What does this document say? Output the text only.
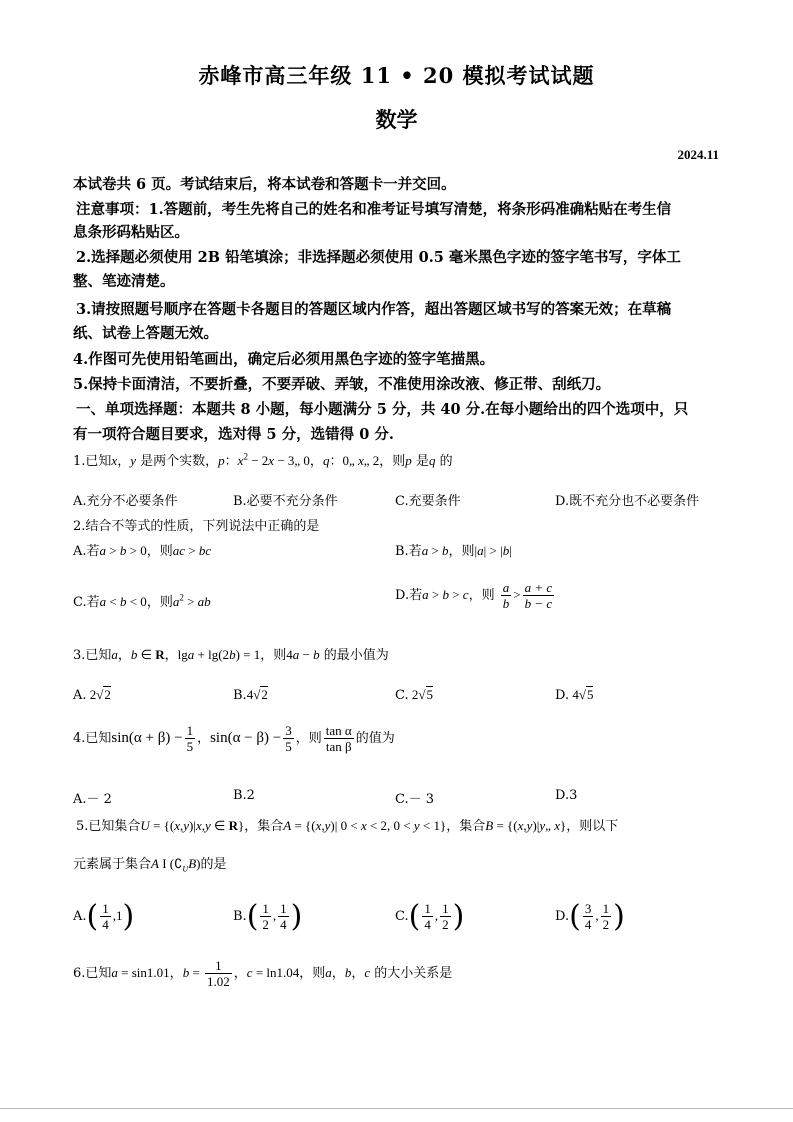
赤峰市高三年级 11 • 20 模拟考试试题
数学
2024.11
本试卷共 6 页。考试结束后，将本试卷和答题卡一并交回。
注意事项：1.答题前，考生先将自己的姓名和准考证号填写清楚，将条形码准确粘贴在考生信
息条形码粘贴区。
2.选择题必须使用 2B 铅笔填涂；非选择题必须使用 0.5 毫米黑色字迹的签字笔书写，字体工
整、笔迹清楚。
3.请按照题号顺序在答题卡各题目的答题区域内作答，超出答题区域书写的答案无效；在草稿
纸、试卷上答题无效。
4.作图可先使用铅笔画出，确定后必须用黑色字迹的签字笔描黑。
5.保持卡面清洁，不要折叠，不要弄破、弄皱，不准使用涂改液、修正带、刮纸刀。
一、单项选择题：本题共 8 小题，每小题满分 5 分，共 40 分.在每小题给出的四个选项中，只
有一项符合题目要求，选对得 5 分，选错得 0 分.
1.已知x，y 是两个实数，p：$x^2 - 2x$ − 3„ 0，q：0„ x„ 2，则p 是q 的
A.充分不必要条件	B.必要不充分条件	C.充要条件	D.既不充分也不必要条件
2.结合不等式的性质，下列说法中正确的是
A.若a > b > 0，则ac > bc	B.若a > b，则|a| > |b|
C.若a < b < 0，则$a^2$ > ab	D.若a > b > c，则 $\frac{a}{b} > \frac{a + c}{b - c}$
3.已知a，b ∈ R，lga + lg(2b) = 1，则4a − b 的最小值为
A. 2√2	B.4√2	C. 2√5	D. 4√5
4.已知$\sin(\alpha + \beta) - \frac{1}{5}$ ，$\sin(\alpha - \beta) - \frac{3}{5}$ ，则 $\frac{\text{tan α}}{\text{tan β}}$ 的值为
A.－ 2	B.2	C.－ 3	D.3
5.已知集合U = {(x,y)|x,y ∈ R}，集合A = {(x,y)| 0 < x < 2, 0 < y < 1}，集合B = {(x,y)|y„ x}，则以下
元素属于集合A I $(∁_UB)$的是
$A.( \frac{1}{4} ,1)$	$B.( \frac{1}{2}$ , $\frac{1}{4}$ )	$C.( \frac{1}{4}$ , $\frac{1}{2}$ )	$D.( \frac{3}{4}$ , $\frac{1}{2}$ )
6.已知a = sin1.01，$b = \frac{1}{1.02}$ ，c = ln1.04，则a，b，c 的大小关系是
